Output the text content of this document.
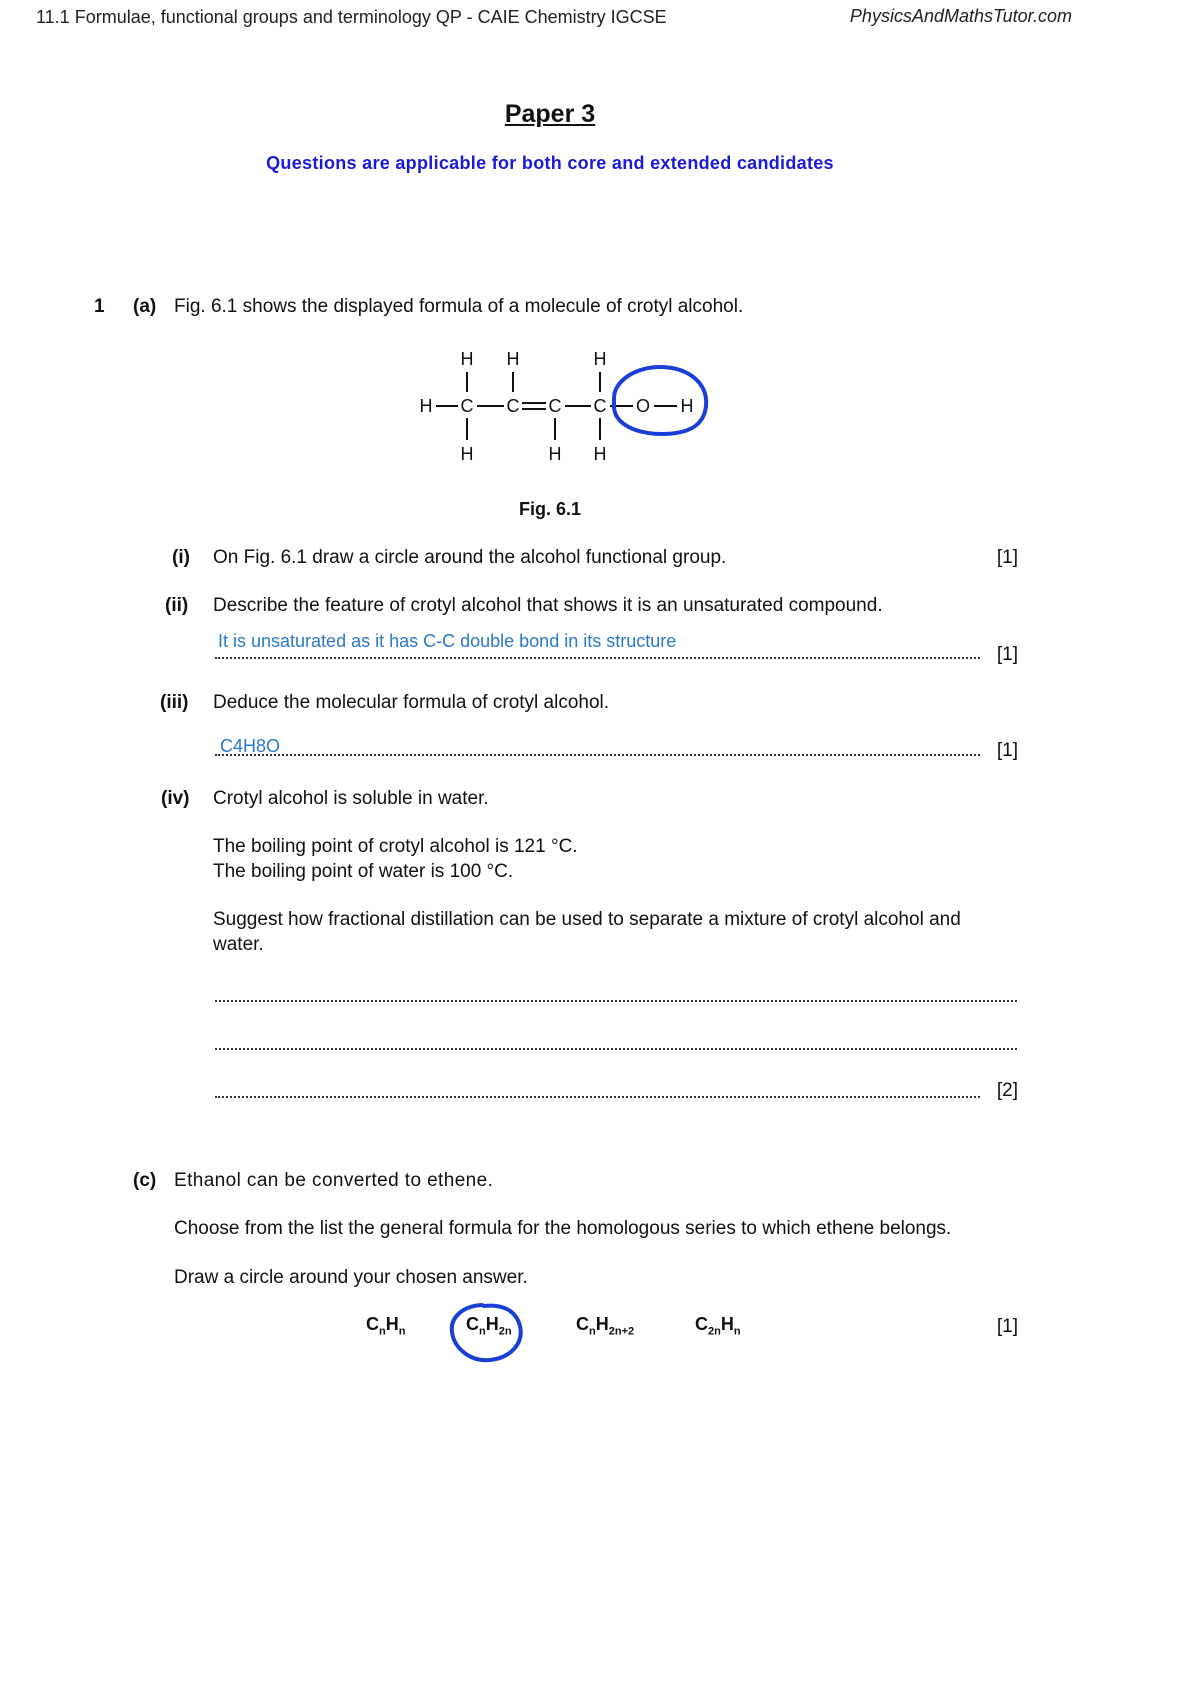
11.1 Formulae, functional groups and terminology QP - CAIE Chemistry IGCSE	PhysicsAndMathsTutor.com
Paper 3
Questions are applicable for both core and extended candidates
1 (a) Fig. 6.1 shows the displayed formula of a molecule of crotyl alcohol.
H H	H
H C C C C O H
H	H H
Fig. 6.1
(i) On Fig. 6.1 draw a circle around the alcohol functional group.	[1]
(ii) Describe the feature of crotyl alcohol that shows it is an unsaturated compound.
It is unsaturated as it has C-C double bond in its structure
[1]
(iii) Deduce the molecular formula of crotyl alcohol.
C4H8O	[1]
(iv) Crotyl alcohol is soluble in water.
The boiling point of crotyl alcohol is 121 °C.
The boiling point of water is 100 °C.
Suggest how fractional distillation can be used to separate a mixture of crotyl alcohol and
water.
[2]
(c) Ethanol can be converted to ethene.
Choose from the list the general formula for the homologous series to which ethene belongs.
Draw a circle around your chosen answer.
$C_nH_n$	$C_nH_{2n}$	$C_nH_{2n+2}$	$C_{2n}H_n$	[1]
